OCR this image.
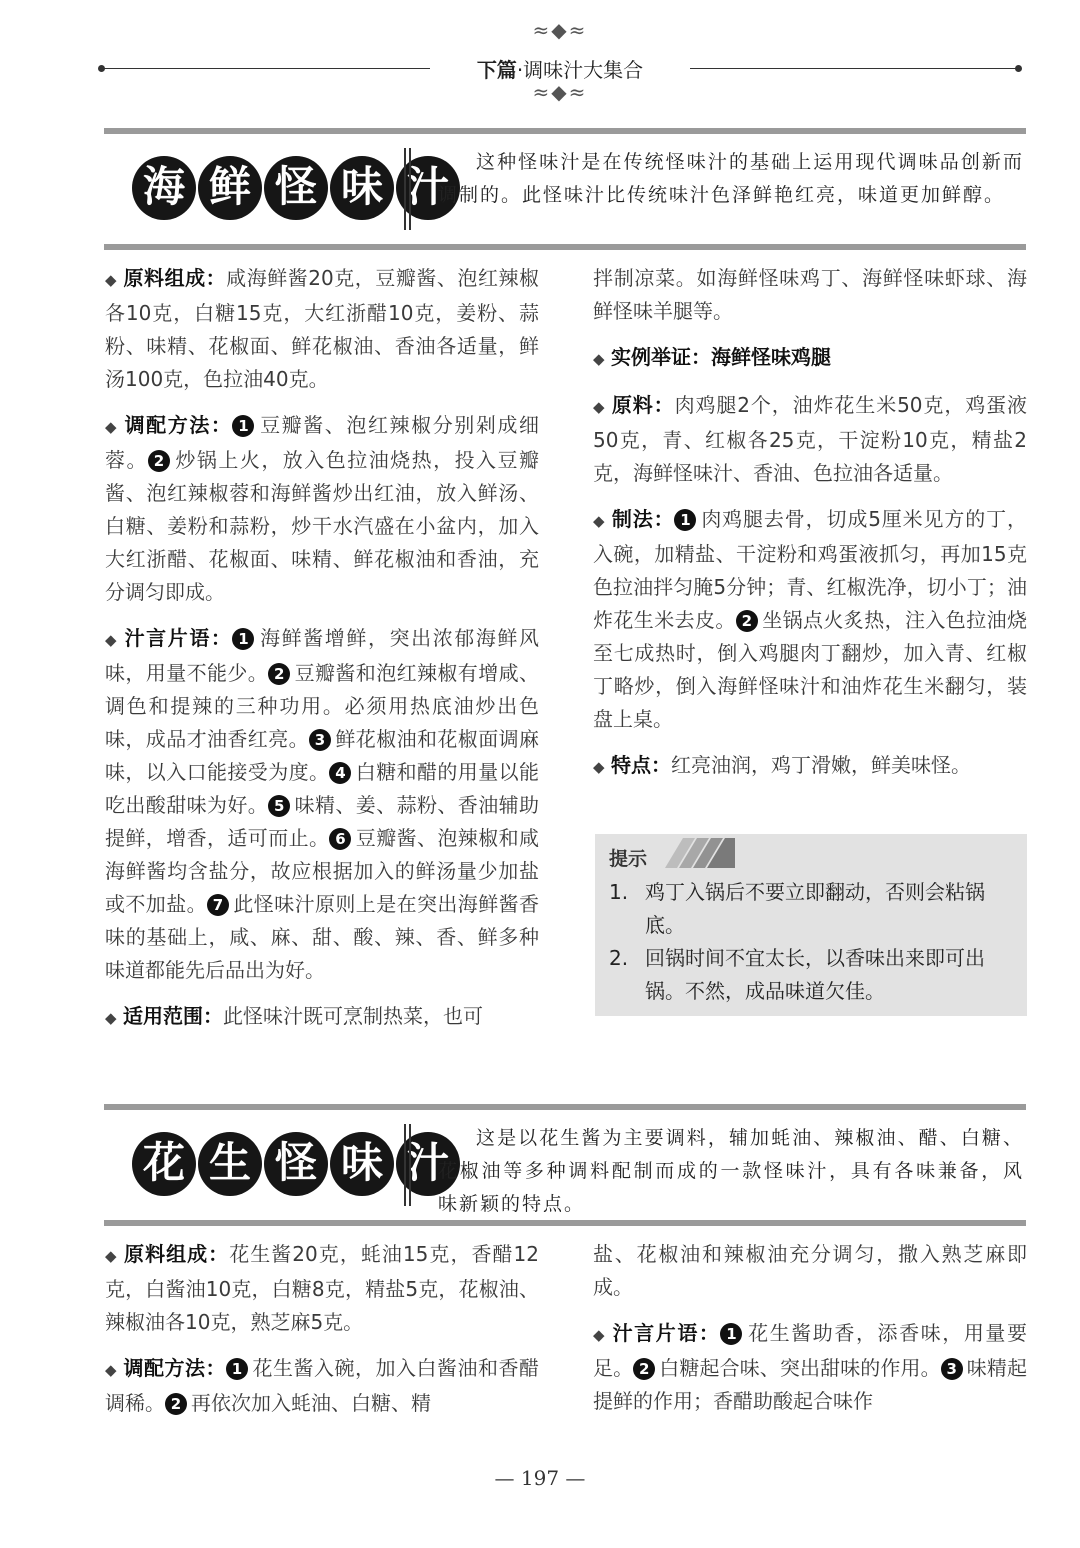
≈◆≈
下篇·调味汁大集合
≈◆≈
海 鲜 怪 味 汁	这种怪味汁是在传统怪味汁的基础上运用现代调味品创新而调制的。此怪味汁比传统味汁色泽鲜艳红亮，味道更加鲜醇。

◆ 原料组成：咸海鲜酱20克，豆瓣酱、泡红辣椒各10克，白糖15克，大红浙醋10克，姜粉、蒜粉、味精、花椒面、鲜花椒油、香油各适量，鲜汤100克，色拉油40克。

◆ 调配方法： 1 豆瓣酱、泡红辣椒分别剁成细蓉。 2 炒锅上火，放入色拉油烧热，投入豆瓣酱、泡红辣椒蓉和海鲜酱炒出红油，放入鲜汤、白糖、姜粉和蒜粉，炒干水汽盛在小盆内，加入大红浙醋、花椒面、味精、鲜花椒油和香油，充分调匀即成。

◆ 汁言片语： 1 海鲜酱增鲜，突出浓郁海鲜风味，用量不能少。 2 豆瓣酱和泡红辣椒有增咸、调色和提辣的三种功用。必须用热底油炒出色味，成品才油香红亮。 3 鲜花椒油和花椒面调麻味，以入口能接受为度。 4 白糖和醋的用量以能吃出酸甜味为好。 5 味精、姜、蒜粉、香油辅助提鲜，增香，适可而止。 6 豆瓣酱、泡辣椒和咸海鲜酱均含盐分，故应根据加入的鲜汤量少加盐或不加盐。 7 此怪味汁原则上是在突出海鲜酱香味的基础上，咸、麻、甜、酸、辣、香、鲜多种味道都能先后品出为好。

◆ 适用范围：此怪味汁既可烹制热菜，也可

拌制凉菜。如海鲜怪味鸡丁、海鲜怪味虾球、海鲜怪味羊腿等。

◆ 实例举证：海鲜怪味鸡腿

◆ 原料：肉鸡腿2个，油炸花生米50克，鸡蛋液50克，青、红椒各25克，干淀粉10克，精盐2克，海鲜怪味汁、香油、色拉油各适量。

◆ 制法： 1 肉鸡腿去骨，切成5厘米见方的丁，入碗，加精盐、干淀粉和鸡蛋液抓匀，再加15克色拉油拌匀腌5分钟；青、红椒洗净，切小丁；油炸花生米去皮。 2 坐锅点火炙热，注入色拉油烧至七成热时，倒入鸡腿肉丁翻炒，加入青、红椒丁略炒，倒入海鲜怪味汁和油炸花生米翻匀，装盘上桌。

◆ 特点：红亮油润，鸡丁滑嫩，鲜美味怪。

提示
1. 鸡丁入锅后不要立即翻动，否则会粘锅底。
2. 回锅时间不宜太长，以香味出来即可出锅。不然，成品味道欠佳。
花 生 怪 味 汁	这是以花生酱为主要调料，辅加蚝油、辣椒油、醋、白糖、花椒油等多种调料配制而成的一款怪味汁，具有各味兼备，风味新颖的特点。

◆ 原料组成：花生酱20克，蚝油15克，香醋12克，白酱油10克，白糖8克，精盐5克，花椒油、辣椒油各10克，熟芝麻5克。

◆ 调配方法： 1 花生酱入碗，加入白酱油和香醋调稀。 2 再依次加入蚝油、白糖、精

盐、花椒油和辣椒油充分调匀，撒入熟芝麻即成。

◆ 汁言片语： 1 花生酱助香，添香味，用量要足。 2 白糖起合味、突出甜味的作用。 3 味精起提鲜的作用；香醋助酸起合味作

— 197 —
